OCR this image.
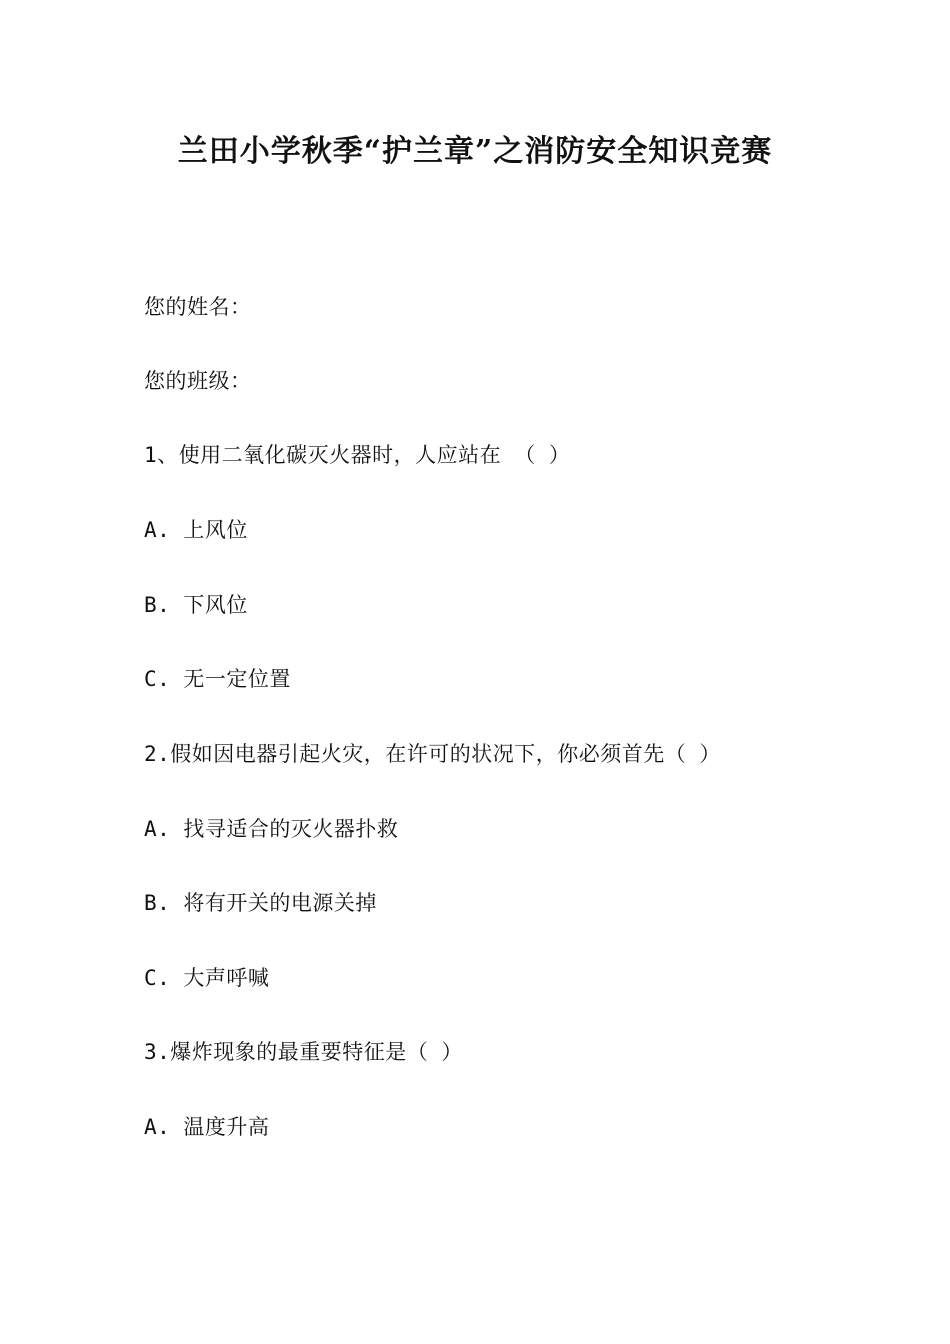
兰田小学秋季“护兰章”之消防安全知识竞赛
您的姓名：
您的班级：
1、使用二氧化碳灭火器时，人应站在 （ ）
A. 上风位
B. 下风位
C. 无一定位置
2.假如因电器引起火灾，在许可的状况下，你必须首先（ ）
A. 找寻适合的灭火器扑救
B. 将有开关的电源关掉
C. 大声呼喊
3.爆炸现象的最重要特征是（ ）
A. 温度升高
